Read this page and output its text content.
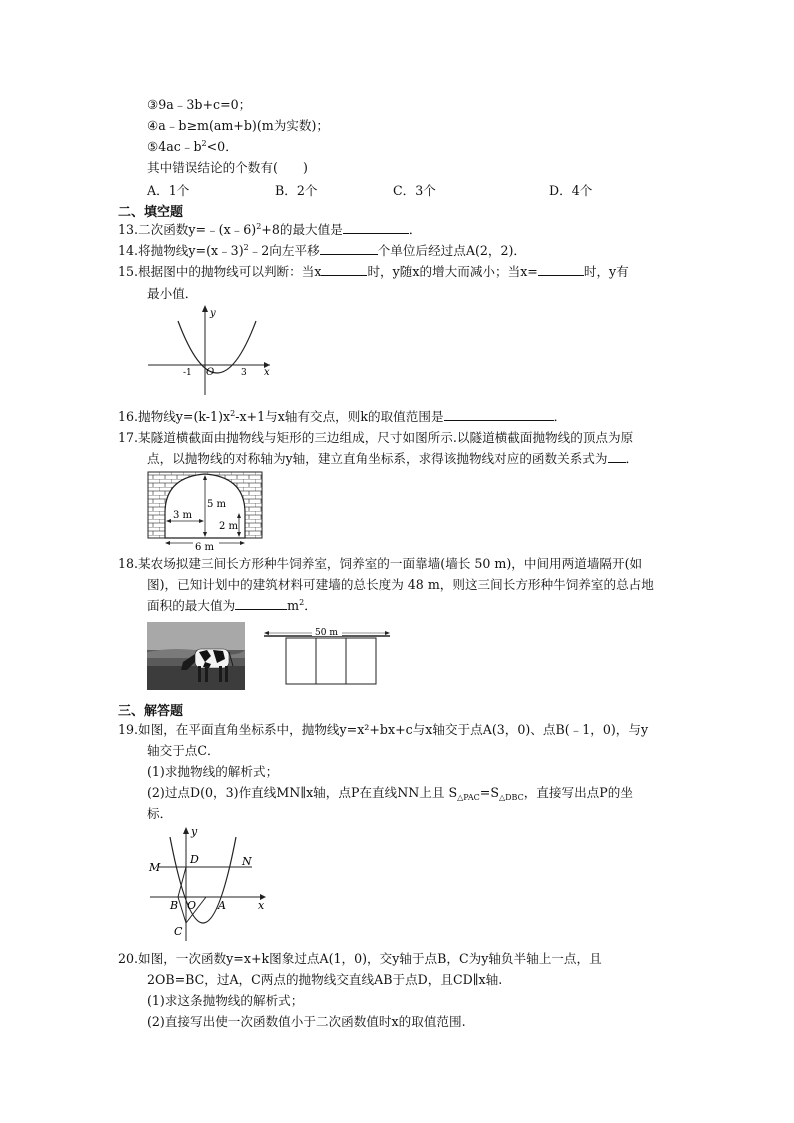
③9a﹣3b+c=0；
④a﹣b≥m(am+b)(m为实数)；
$⑤4ac﹣b^2<0$．
其中错误结论的个数有(　　)
A．1个	B．2个	C．3个	D．4个
二、填空题
13.二次函数y=﹣(x﹣6)$^2$+8的最大值是	．
14.将抛物线y=(x﹣3)$^2$﹣2向左平移	个单位后经过点A(2，2)．
15.根据图中的抛物线可以判断：当x	时，y随x的增大而减小；当x=	时，y有
最小值．
y
x
O
-1	3
16.抛物线$y=(k-1)x^2-x+1$与x轴有交点，则k的取值范围是	．
17.某隧道横截面由抛物线与矩形的三边组成，尺寸如图所示.以隧道横截面抛物线的顶点为原
点，以抛物线的对称轴为y轴，建立直角坐标系，求得该抛物线对应的函数关系式为 ．
5 m
3 m
2 m
6 m
18.某农场拟建三间长方形种牛饲养室，饲养室的一面靠墙(墙长 50 m)，中间用两道墙隔开(如
图)，已知计划中的建筑材料可建墙的总长度为 48 m，则这三间长方形种牛饲养室的总占地
面积的最大值为	$m^2$．
50 m
三、解答题
19.如图，在平面直角坐标系中，抛物线y=x²+bx+c与x轴交于点A(3，0)、点B(﹣1，0)，与y
轴交于点C．
(1)求抛物线的解析式；
(2)过点D(0，3)作直线MN∥x轴，点P在直线NN上且 $S_{\triangle PAC}=S_{\triangle DBC}$，直接写出点P的坐
标．
y
x
M	N
D
B O A
C
20.如图，一次函数y=x+k图象过点A(1，0)，交y轴于点B，C为y轴负半轴上一点，且
2OB=BC，过A，C两点的抛物线交直线AB于点D，且CD∥x轴.
(1)求这条抛物线的解析式；
(2)直接写出使一次函数值小于二次函数值时x的取值范围.
